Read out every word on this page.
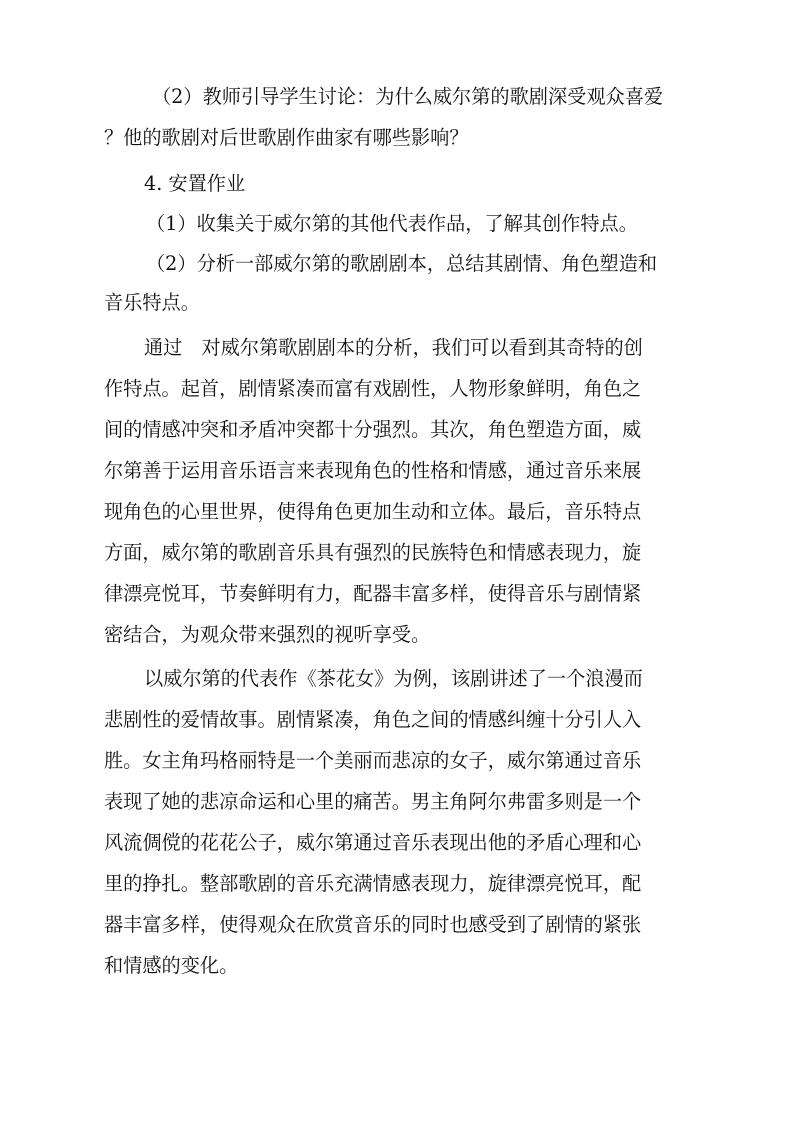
（2）教师引导学生讨论：为什么威尔第的歌剧深受观众喜爱
？他的歌剧对后世歌剧作曲家有哪些影响？
4. 安置作业
（1）收集关于威尔第的其他代表作品，了解其创作特点。
（2）分析一部威尔第的歌剧剧本，总结其剧情、角色塑造和
音乐特点。
通过　对威尔第歌剧剧本的分析，我们可以看到其奇特的创
作特点。起首，剧情紧凑而富有戏剧性，人物形象鲜明，角色之
间的情感冲突和矛盾冲突都十分强烈。其次，角色塑造方面，威
尔第善于运用音乐语言来表现角色的性格和情感，通过音乐来展
现角色的心里世界，使得角色更加生动和立体。最后，音乐特点
方面，威尔第的歌剧音乐具有强烈的民族特色和情感表现力，旋
律漂亮悦耳，节奏鲜明有力，配器丰富多样，使得音乐与剧情紧
密结合，为观众带来强烈的视听享受。
以威尔第的代表作《茶花女》为例，该剧讲述了一个浪漫而
悲剧性的爱情故事。剧情紧凑，角色之间的情感纠缠十分引人入
胜。女主角玛格丽特是一个美丽而悲凉的女子，威尔第通过音乐
表现了她的悲凉命运和心里的痛苦。男主角阿尔弗雷多则是一个
风流倜傥的花花公子，威尔第通过音乐表现出他的矛盾心理和心
里的挣扎。整部歌剧的音乐充满情感表现力，旋律漂亮悦耳，配
器丰富多样，使得观众在欣赏音乐的同时也感受到了剧情的紧张
和情感的变化。
